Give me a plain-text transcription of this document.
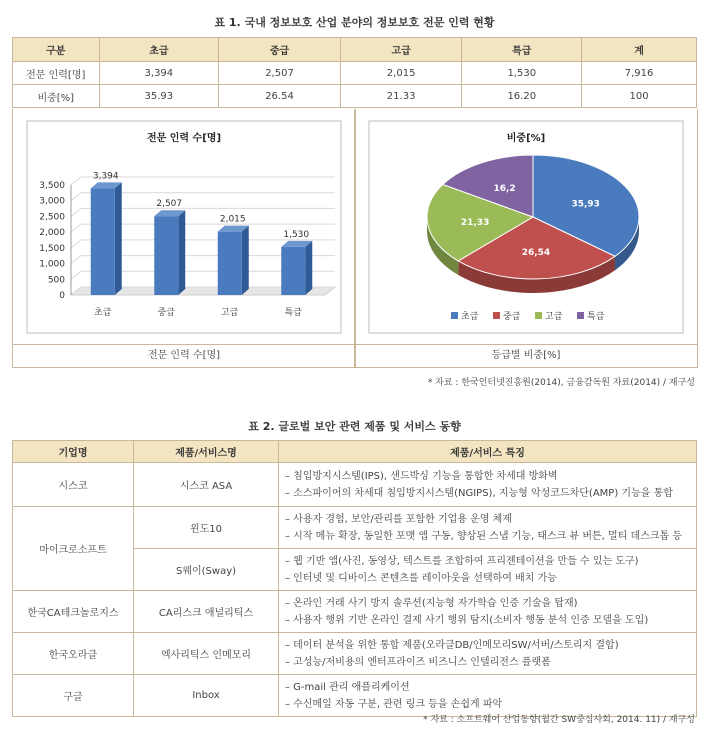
표 1. 국내 정보보호 산업 분야의 정보보호 전문 인력 현황
구분	초급	중급	고급	특급	계
전문 인력[명]	3,394	2,507	2,015	1,530	7,916
비중[%]	35.93	26.54	21.33	16.20	100
전문 인력 수[명]
0
500
1,000
1,500
2,000
2,500
3,000
3,500
3,394
초급
2,507
중급
2,015
고급
1,530
특급
비중[%]
35,93
26,54
21,33
16,2
초급	중급	고급	특급
전문 인력 수[명]	등급별 비중[%]
* 자료 : 한국인터넷진흥원(2014), 금융감독원 자료(2014) / 재구성
표 2. 글로벌 보안 관련 제품 및 서비스 동향
기업명	제품/서비스명	제품/서비스 특징
시스코	시스코 ASA	– 침입방지시스템(IPS), 샌드박싱 기능을 통합한 차세대 방화벽
– 소스파이어의 차세대 침입방지시스템(NGIPS), 지능형 악성코드차단(AMP) 기능을 통합

마이크로소프트	윈도10	– 사용자 경험, 보안/관리를 포함한 기업용 운영 체제
– 시작 메뉴 확장, 동일한 포맷 앱 구동, 향상된 스냅 기능, 태스크 뷰 버튼, 멀티 데스크톱 등

	S웨이(Sway)	– 웹 기반 앱(사진, 동영상, 텍스트를 조합하여 프리젠테이션을 만들 수 있는 도구)
– 인터넷 및 디바이스 콘텐츠를 레이아웃을 선택하여 배치 가능

한국CA테크놀로지스	CA리스크 애널리틱스	– 온라인 거래 사기 방지 솔루션(지능형 자가학습 인증 기술을 탑재)
– 사용자 행위 기반 온라인 결제 사기 행위 탐지(소비자 행동 분석 인증 모델을 도입)

한국오라클	엑사리틱스 인메모리	– 데이터 분석을 위한 통합 제품(오라클DB/인메모리SW/서버/스토리지 결합)
– 고성능/저비용의 엔터프라이즈 비즈니스 인텔리전스 플랫폼

구글	Inbox	– G-mail 관리 애플리케이션
– 수신메일 자동 구분, 관련 링크 등을 손쉽게 파악
* 자료 : 소프트웨어 산업동향(월간 SW중심사회, 2014. 11) / 재구성
